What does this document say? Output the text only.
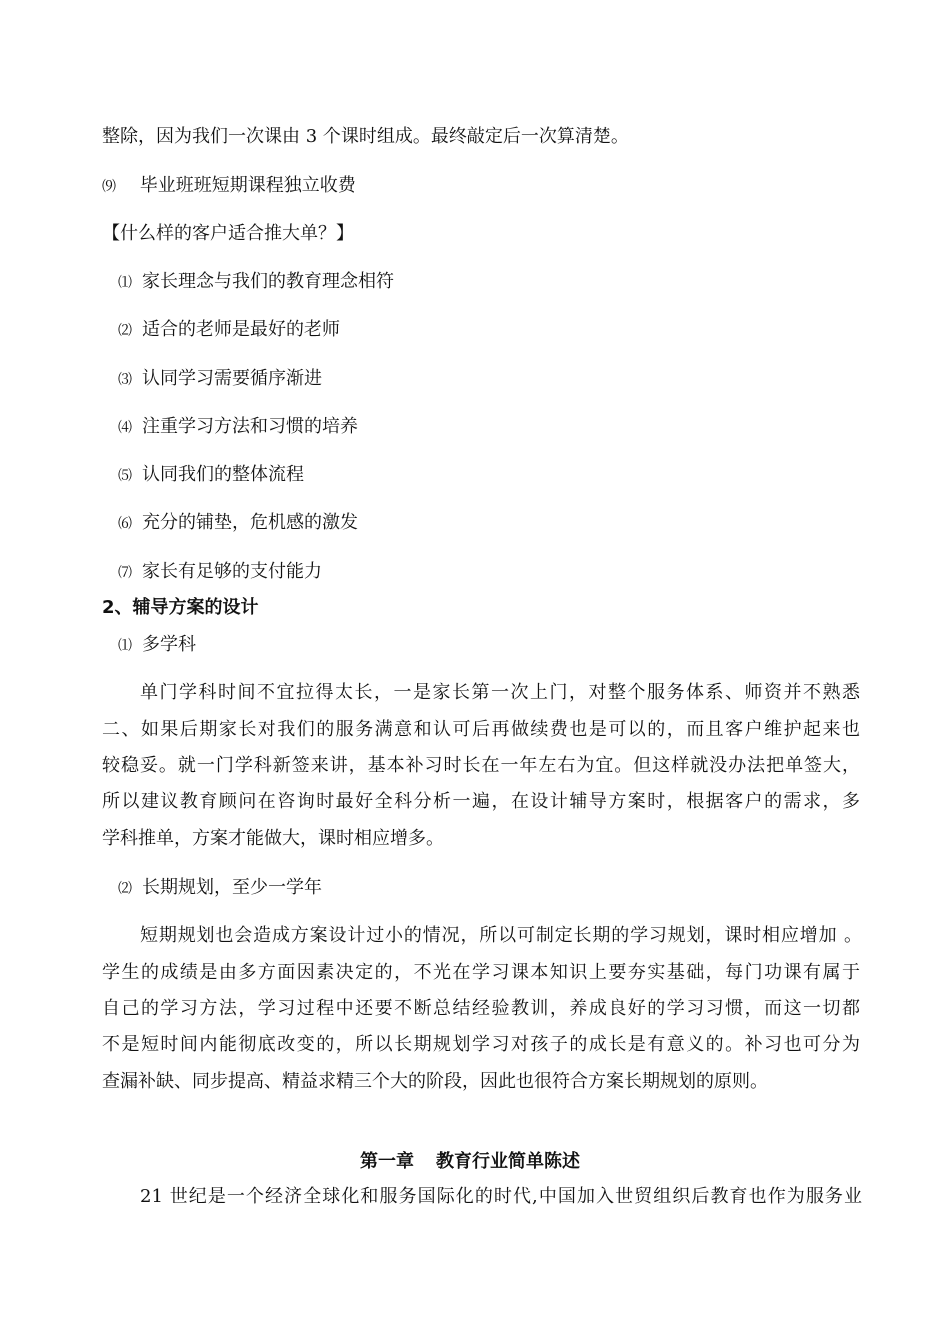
整除，因为我们一次课由 3 个课时组成。最终敲定后一次算清楚。
⑼ 毕业班班短期课程独立收费
【什么样的客户适合推大单？】
⑴ 家长理念与我们的教育理念相符
⑵ 适合的老师是最好的老师
⑶ 认同学习需要循序渐进
⑷ 注重学习方法和习惯的培养
⑸ 认同我们的整体流程
⑹ 充分的铺垫，危机感的激发
⑺ 家长有足够的支付能力
2、辅导方案的设计
⑴ 多学科
单门学科时间不宜拉得太长，一是家长第一次上门，对整个服务体系、师资并不熟悉
二、如果后期家长对我们的服务满意和认可后再做续费也是可以的，而且客户维护起来也
较稳妥。就一门学科新签来讲，基本补习时长在一年左右为宜。但这样就没办法把单签大，
所以建议教育顾问在咨询时最好全科分析一遍，在设计辅导方案时，根据客户的需求，多
学科推单，方案才能做大，课时相应增多。
⑵ 长期规划，至少一学年
短期规划也会造成方案设计过小的情况，所以可制定长期的学习规划，课时相应增加 。
学生的成绩是由多方面因素决定的，不光在学习课本知识上要夯实基础，每门功课有属于
自己的学习方法，学习过程中还要不断总结经验教训，养成良好的学习习惯，而这一切都
不是短时间内能彻底改变的，所以长期规划学习对孩子的成长是有意义的。补习也可分为
查漏补缺、同步提高、精益求精三个大的阶段，因此也很符合方案长期规划的原则。
第一章 教育行业简单陈述
21 世纪是一个经济全球化和服务国际化的时代,中国加入世贸组织后教育也作为服务业
